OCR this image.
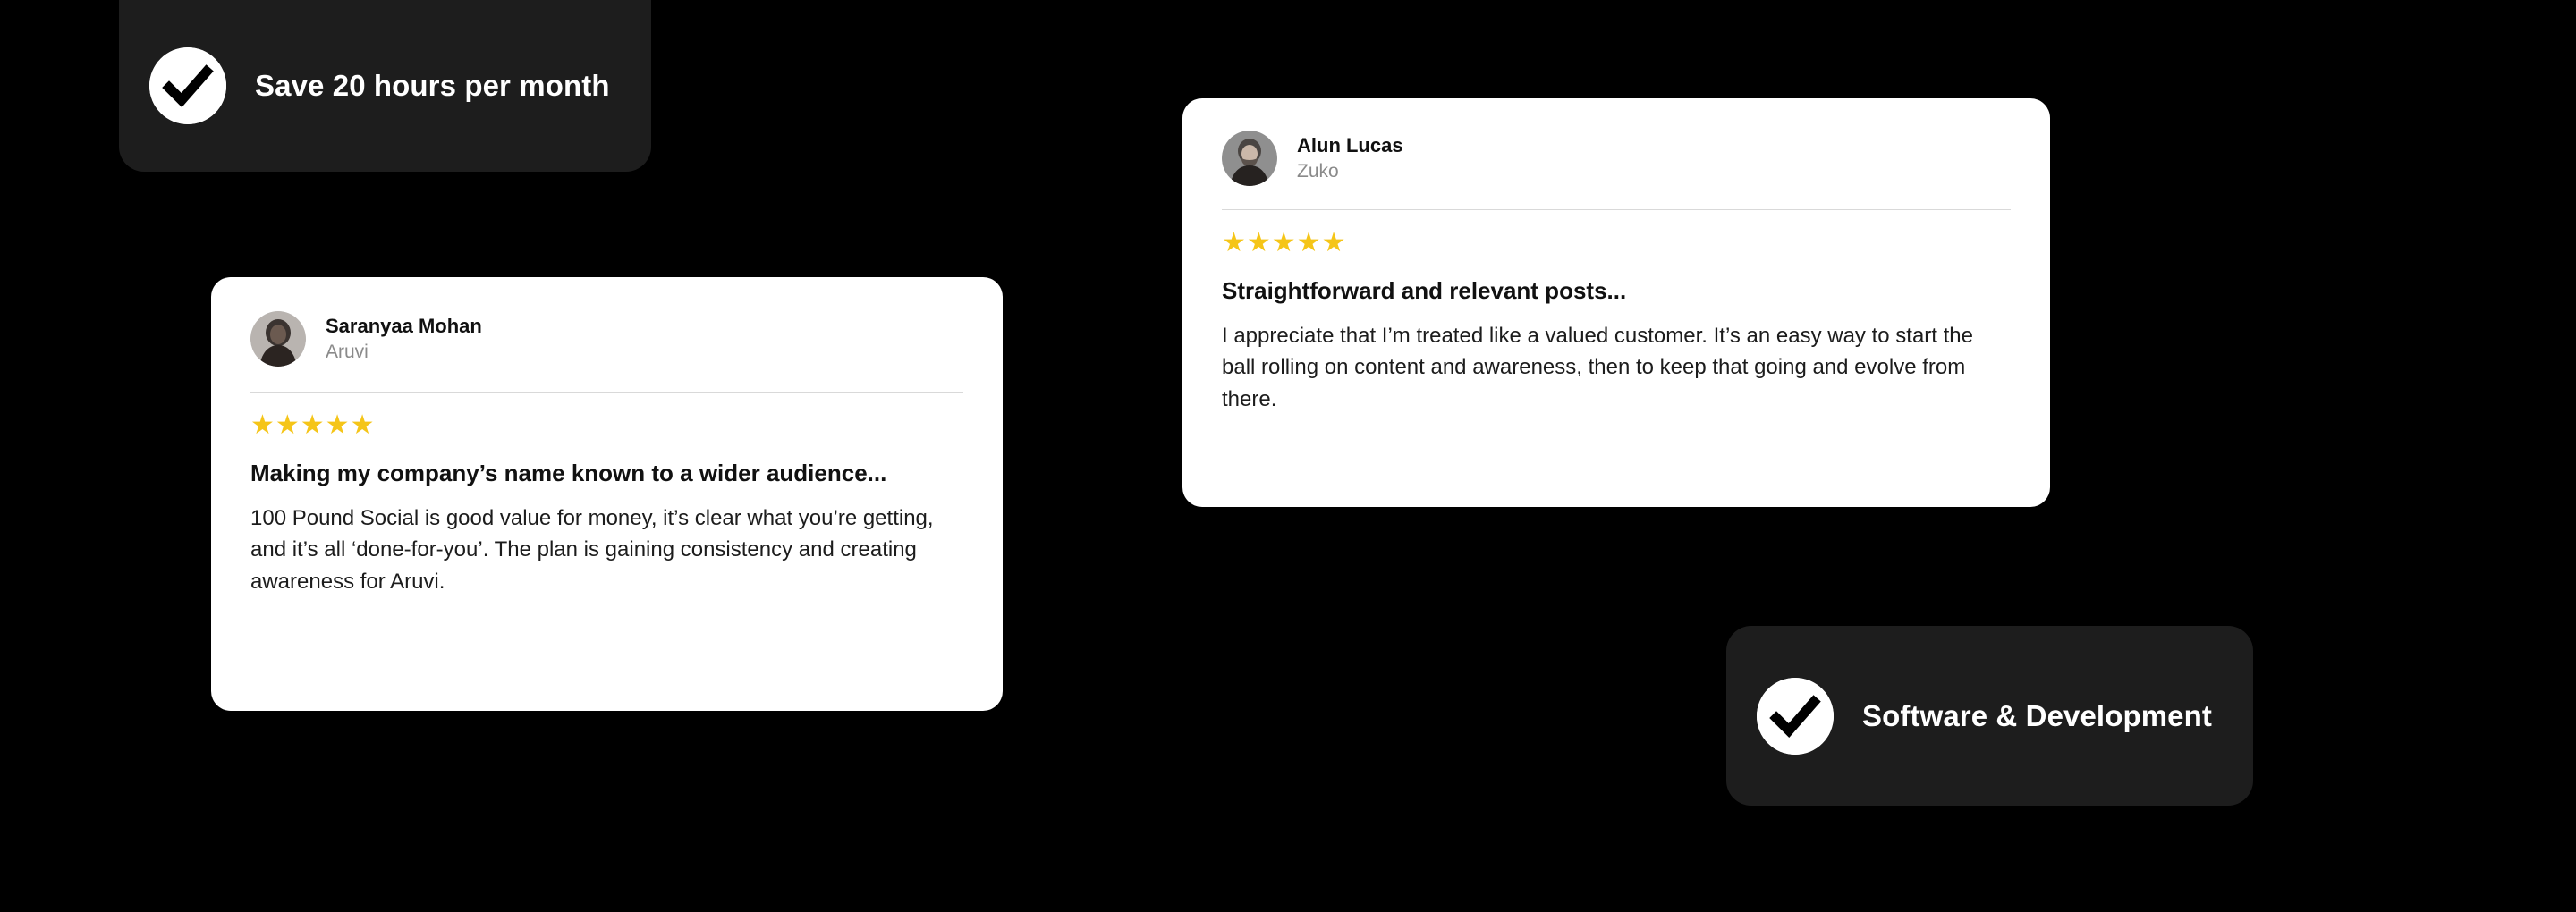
Save 20 hours per month
Software & Development
Saranyaa Mohan
Aruvi
★★★★★
Making my company’s name known to a wider audience...
100 Pound Social is good value for money, it’s clear what you’re getting, and it’s all ‘done-for-you’. The plan is gaining consistency and creating awareness for Aruvi.
Alun Lucas
Zuko
★★★★★
Straightforward and relevant posts...
I appreciate that I’m treated like a valued customer. It’s an easy way to start the ball rolling on content and awareness, then to keep that going and evolve from there.
